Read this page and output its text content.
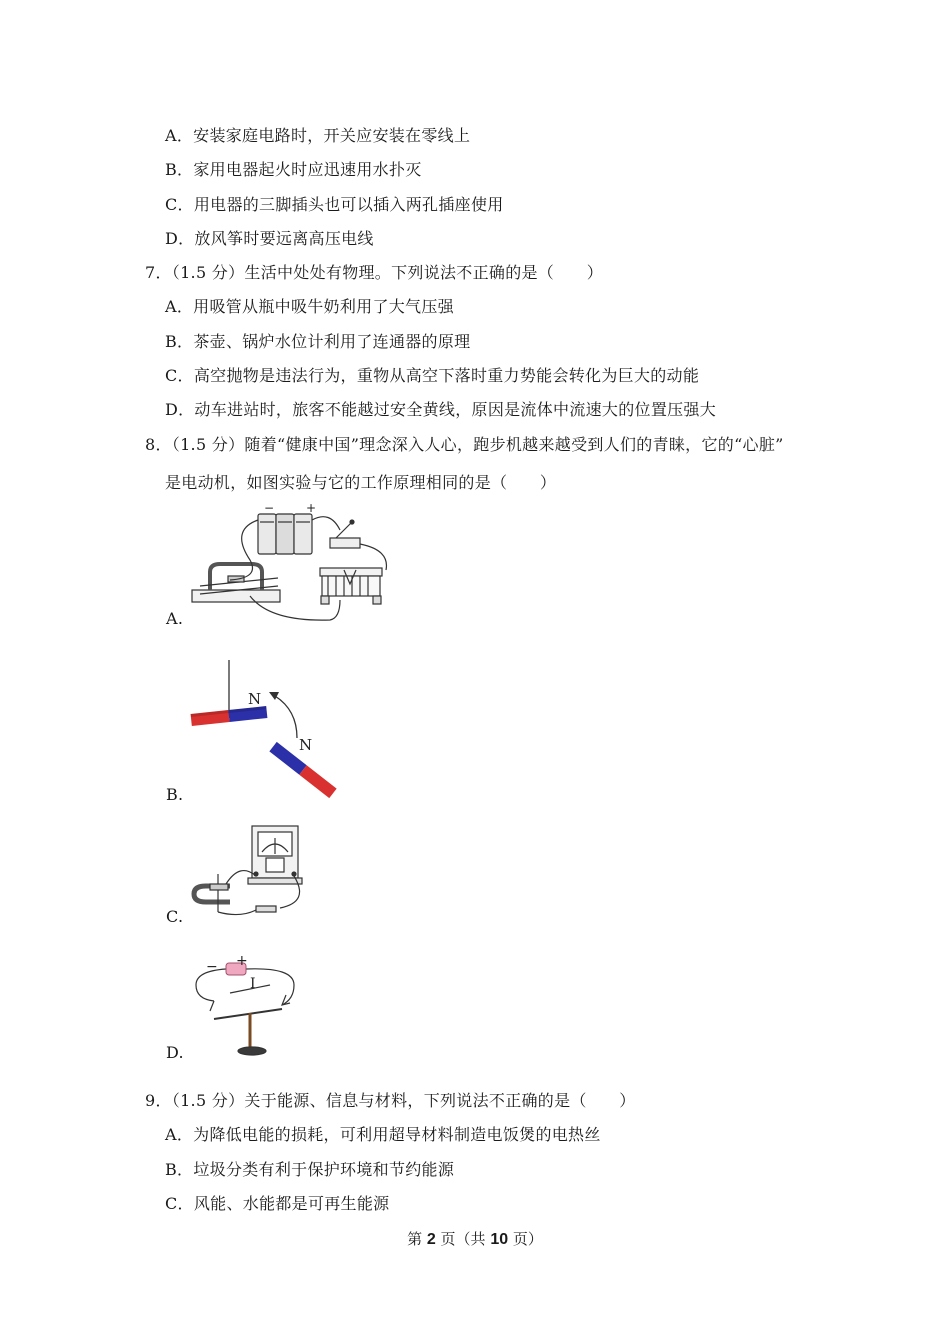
A．安装家庭电路时，开关应安装在零线上
B．家用电器起火时应迅速用水扑灭
C．用电器的三脚插头也可以插入两孔插座使用
D．放风筝时要远离高压电线
7．（1.5 分）生活中处处有物理。下列说法不正确的是（　　）
A．用吸管从瓶中吸牛奶利用了大气压强
B．茶壶、锅炉水位计利用了连通器的原理
C．高空抛物是违法行为，重物从高空下落时重力势能会转化为巨大的动能
D．动车进站时，旅客不能越过安全黄线，原因是流体中流速大的位置压强大
8．（1.5 分）随着“健康中国”理念深入人心，跑步机越来越受到人们的青睐，它的“心脏”
是电动机，如图实验与它的工作原理相同的是（　　）
−	+
A.
N
N
B.
C.
− +
I
D.
9．（1.5 分）关于能源、信息与材料，下列说法不正确的是（　　）
A．为降低电能的损耗，可利用超导材料制造电饭煲的电热丝
B．垃圾分类有利于保护环境和节约能源
C．风能、水能都是可再生能源
第 2 页（共 10 页）
